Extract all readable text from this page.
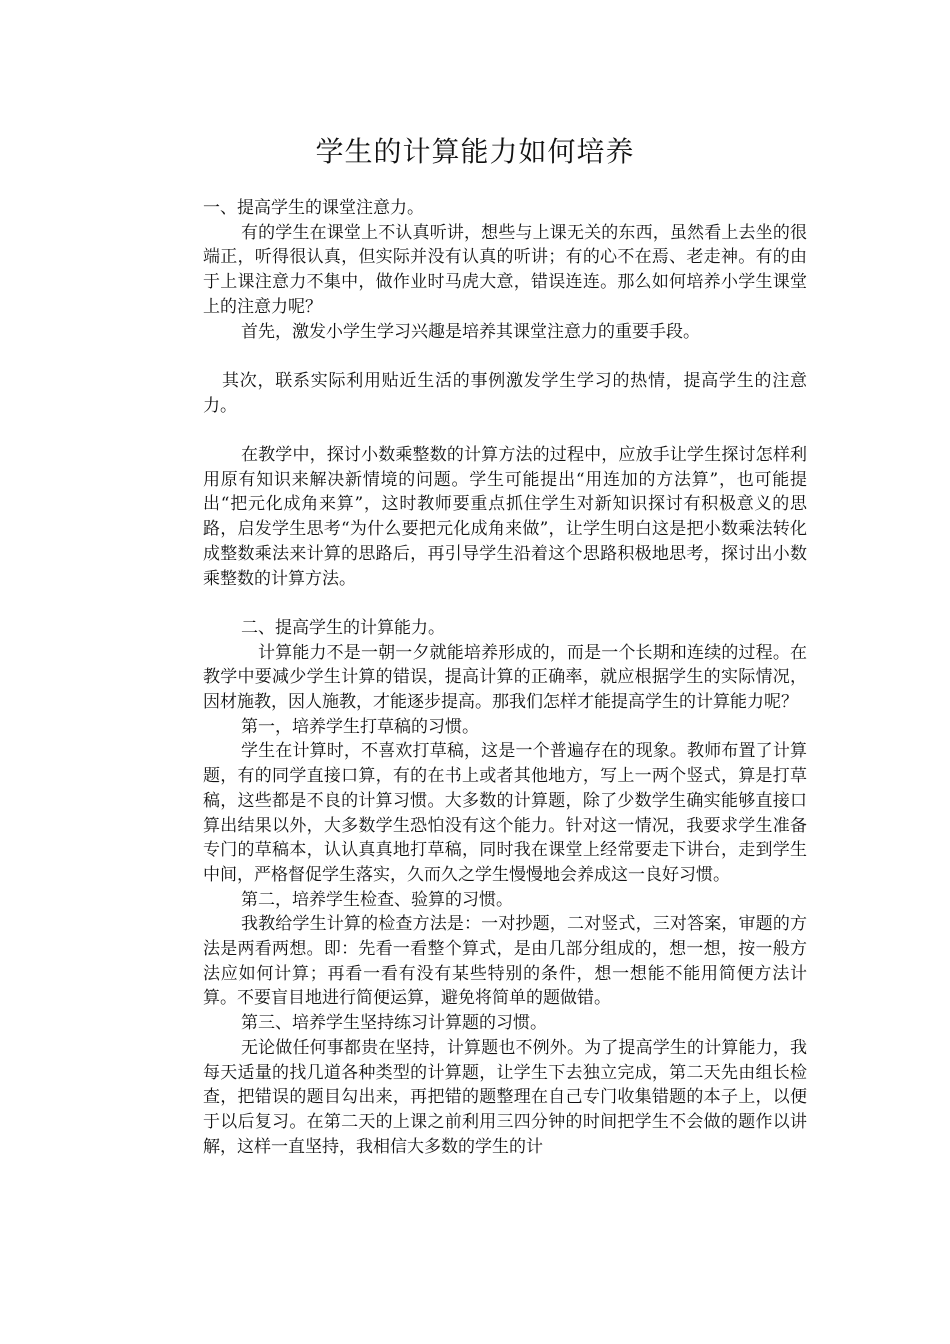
学生的计算能力如何培养

一、提高学生的课堂注意力。

有的学生在课堂上不认真听讲，想些与上课无关的东西，虽然看上去坐的很端正，听得很认真，但实际并没有认真的听讲；有的心不在焉、老走神。有的由于上课注意力不集中，做作业时马虎大意，错误连连。那么如何培养小学生课堂上的注意力呢？

首先，激发小学生学习兴趣是培养其课堂注意力的重要手段。

其次，联系实际利用贴近生活的事例激发学生学习的热情，提高学生的注意力。

在教学中，探讨小数乘整数的计算方法的过程中，应放手让学生探讨怎样利用原有知识来解决新情境的问题。学生可能提出“用连加的方法算”，也可能提出“把元化成角来算”，这时教师要重点抓住学生对新知识探讨有积极意义的思路，启发学生思考“为什么要把元化成角来做”，让学生明白这是把小数乘法转化成整数乘法来计算的思路后，再引导学生沿着这个思路积极地思考，探讨出小数乘整数的计算方法。

二、提高学生的计算能力。

计算能力不是一朝一夕就能培养形成的，而是一个长期和连续的过程。在教学中要减少学生计算的错误，提高计算的正确率，就应根据学生的实际情况，因材施教，因人施教，才能逐步提高。那我们怎样才能提高学生的计算能力呢？

第一，培养学生打草稿的习惯。

学生在计算时，不喜欢打草稿，这是一个普遍存在的现象。教师布置了计算题，有的同学直接口算，有的在书上或者其他地方，写上一两个竖式，算是打草稿，这些都是不良的计算习惯。大多数的计算题，除了少数学生确实能够直接口算出结果以外，大多数学生恐怕没有这个能力。针对这一情况，我要求学生准备专门的草稿本，认认真真地打草稿，同时我在课堂上经常要走下讲台，走到学生中间，严格督促学生落实，久而久之学生慢慢地会养成这一良好习惯。

第二，培养学生检查、验算的习惯。

我教给学生计算的检查方法是：一对抄题，二对竖式，三对答案，审题的方法是两看两想。即：先看一看整个算式，是由几部分组成的，想一想，按一般方法应如何计算；再看一看有没有某些特别的条件，想一想能不能用简便方法计算。不要盲目地进行简便运算，避免将简单的题做错。

第三、培养学生坚持练习计算题的习惯。

无论做任何事都贵在坚持，计算题也不例外。为了提高学生的计算能力，我每天适量的找几道各种类型的计算题，让学生下去独立完成，第二天先由组长检查，把错误的题目勾出来，再把错的题整理在自己专门收集错题的本子上，以便于以后复习。在第二天的上课之前利用三四分钟的时间把学生不会做的题作以讲解，这样一直坚持，我相信大多数的学生的计
